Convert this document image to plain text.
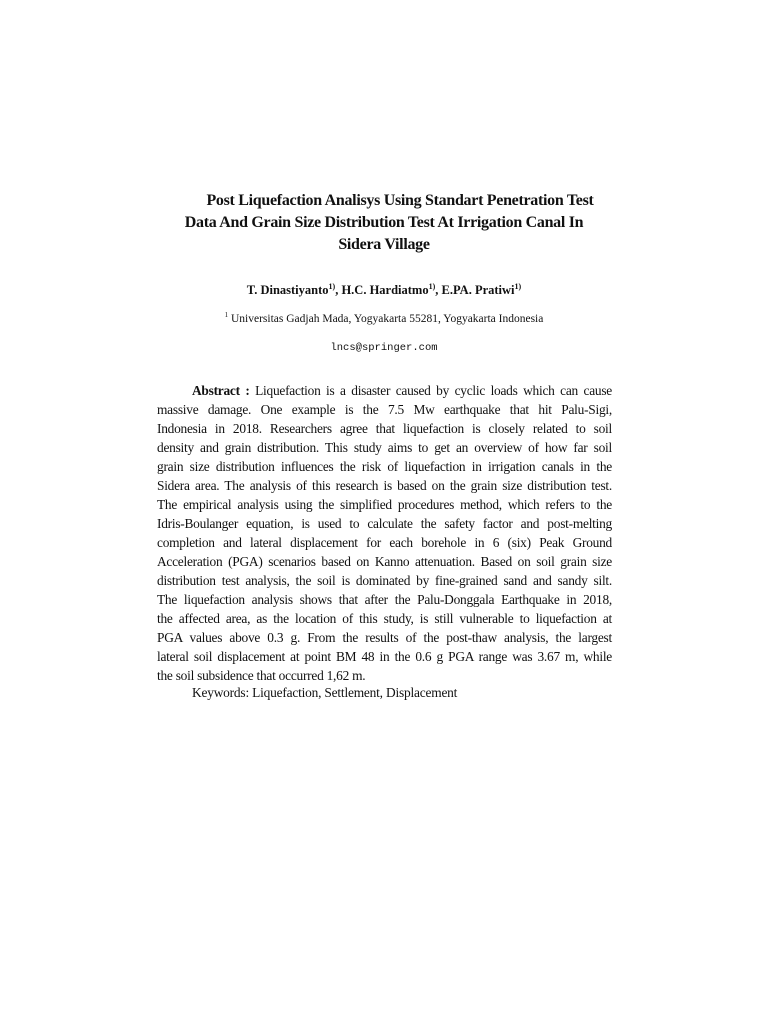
Post Liquefaction Analisys Using Standart Penetration Test
Data And Grain Size Distribution Test At Irrigation Canal In
Sidera Village
T. Dinastiyanto$^{1)}$, H.C. Hardiatmo$^{1)}$, E.PA. Pratiwi$^{1)}$
$^1$ Universitas Gadjah Mada, Yogyakarta 55281, Yogyakarta Indonesia
lncs@springer.com
Abstract : Liquefaction is a disaster caused by cyclic loads which can cause
massive damage. One example is the 7.5 Mw earthquake that hit Palu-Sigi,
Indonesia in 2018. Researchers agree that liquefaction is closely related to soil
density and grain distribution. This study aims to get an overview of how far soil
grain size distribution influences the risk of liquefaction in irrigation canals in the
Sidera area. The analysis of this research is based on the grain size distribution test.
The empirical analysis using the simplified procedures method, which refers to the
Idris-Boulanger equation, is used to calculate the safety factor and post-melting
completion and lateral displacement for each borehole in 6 (six) Peak Ground
Acceleration (PGA) scenarios based on Kanno attenuation. Based on soil grain size
distribution test analysis, the soil is dominated by fine-grained sand and sandy silt.
The liquefaction analysis shows that after the Palu-Donggala Earthquake in 2018,
the affected area, as the location of this study, is still vulnerable to liquefaction at
PGA values above 0.3 g. From the results of the post-thaw analysis, the largest
lateral soil displacement at point BM 48 in the 0.6 g PGA range was 3.67 m, while
the soil subsidence that occurred 1,62 m.
Keywords: Liquefaction, Settlement, Displacement
